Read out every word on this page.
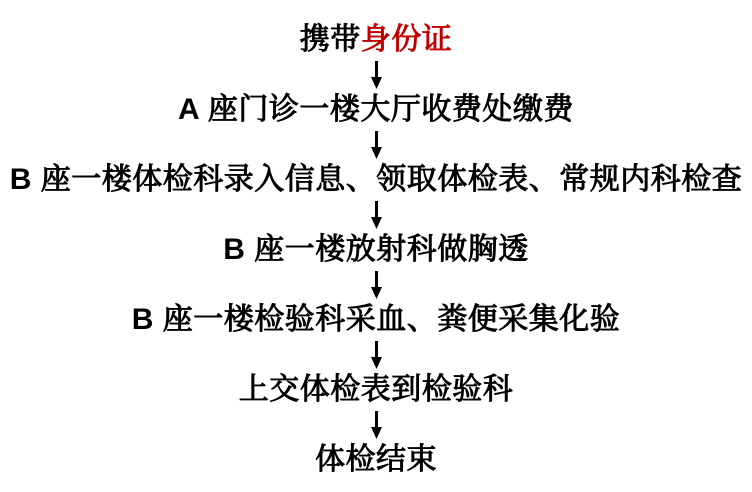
携带身份证
A 座门诊一楼大厅收费处缴费
B 座一楼体检科录入信息、领取体检表、常规内科检查
B 座一楼放射科做胸透
B 座一楼检验科采血、粪便采集化验
上交体检表到检验科
体检结束
